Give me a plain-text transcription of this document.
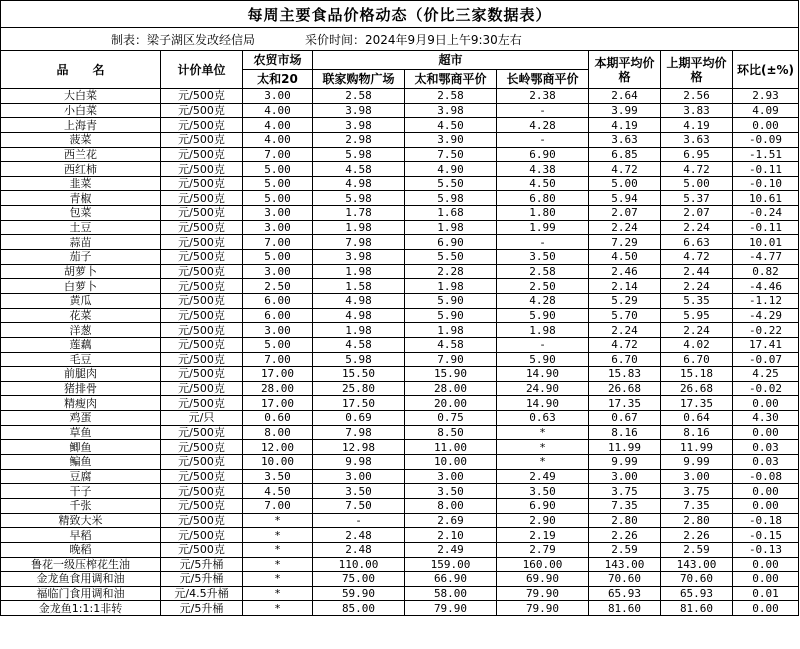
每周主要食品价格动态（价比三家数据表）								
制表：梁子湖区发改经信局 采价时间：2024年9月9日上午9:30左右								
品　　名	计价单位	农贸市场	超市			本期平均价格	上期平均价格	环比(±%)
		太和20	联家购物广场	太和鄂商平价	长岭鄂商平价			
大白菜	元/500克	3.00	2.58	2.58	2.38	2.64	2.56	2.93
小白菜	元/500克	4.00	3.98	3.98	-	3.99	3.83	4.09
上海青	元/500克	4.00	3.98	4.50	4.28	4.19	4.19	0.00
菠菜	元/500克	4.00	2.98	3.90	-	3.63	3.63	-0.09
西兰花	元/500克	7.00	5.98	7.50	6.90	6.85	6.95	-1.51
西红柿	元/500克	5.00	4.58	4.90	4.38	4.72	4.72	-0.11
韭菜	元/500克	5.00	4.98	5.50	4.50	5.00	5.00	-0.10
青椒	元/500克	5.00	5.98	5.98	6.80	5.94	5.37	10.61
包菜	元/500克	3.00	1.78	1.68	1.80	2.07	2.07	-0.24
土豆	元/500克	3.00	1.98	1.98	1.99	2.24	2.24	-0.11
蒜苗	元/500克	7.00	7.98	6.90	-	7.29	6.63	10.01
茄子	元/500克	5.00	3.98	5.50	3.50	4.50	4.72	-4.77
胡萝卜	元/500克	3.00	1.98	2.28	2.58	2.46	2.44	0.82
白萝卜	元/500克	2.50	1.58	1.98	2.50	2.14	2.24	-4.46
黄瓜	元/500克	6.00	4.98	5.90	4.28	5.29	5.35	-1.12
花菜	元/500克	6.00	4.98	5.90	5.90	5.70	5.95	-4.29
洋葱	元/500克	3.00	1.98	1.98	1.98	2.24	2.24	-0.22
莲藕	元/500克	5.00	4.58	4.58	-	4.72	4.02	17.41
毛豆	元/500克	7.00	5.98	7.90	5.90	6.70	6.70	-0.07
前腿肉	元/500克	17.00	15.50	15.90	14.90	15.83	15.18	4.25
猪排骨	元/500克	28.00	25.80	28.00	24.90	26.68	26.68	-0.02
精瘦肉	元/500克	17.00	17.50	20.00	14.90	17.35	17.35	0.00
鸡蛋	元/只	0.60	0.69	0.75	0.63	0.67	0.64	4.30
草鱼	元/500克	8.00	7.98	8.50	*	8.16	8.16	0.00
鲫鱼	元/500克	12.00	12.98	11.00	*	11.99	11.99	0.03
鳊鱼	元/500克	10.00	9.98	10.00	*	9.99	9.99	0.03
豆腐	元/500克	3.50	3.00	3.00	2.49	3.00	3.00	-0.08
干子	元/500克	4.50	3.50	3.50	3.50	3.75	3.75	0.00
千张	元/500克	7.00	7.50	8.00	6.90	7.35	7.35	0.00
精致大米	元/500克	*	-	2.69	2.90	2.80	2.80	-0.18
早稻	元/500克	*	2.48	2.10	2.19	2.26	2.26	-0.15
晚稻	元/500克	*	2.48	2.49	2.79	2.59	2.59	-0.13
鲁花一级压榨花生油	元/5升桶	*	110.00	159.00	160.00	143.00	143.00	0.00
金龙鱼食用调和油	元/5升桶	*	75.00	66.90	69.90	70.60	70.60	0.00
福临门食用调和油	元/4.5升桶	*	59.90	58.00	79.90	65.93	65.93	0.01
金龙鱼1:1:1非转	元/5升桶	*	85.00	79.90	79.90	81.60	81.60	0.00
